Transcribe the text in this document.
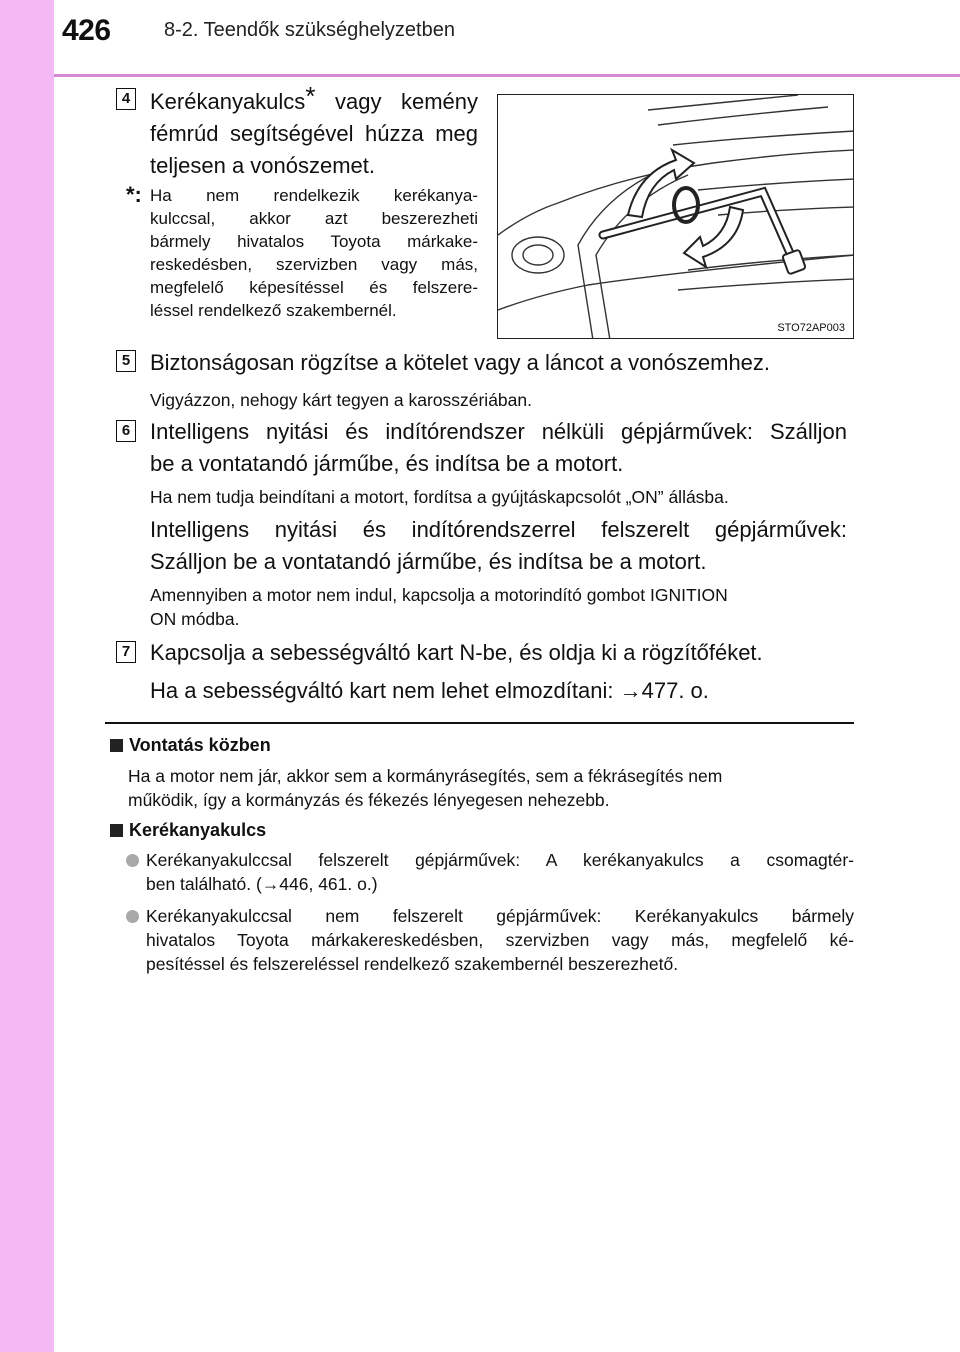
426	8-2. Teendők szükséghelyzetben
4 Kerékanyakulcs* vagy kemény
fémrúd segítségével húzza meg
teljesen a vonószemet.
*: Ha nem rendelkezik kerékanya-
kulccsal, akkor azt beszerezheti
bármely hivatalos Toyota márkake-
reskedésben, szervizben vagy más,
megfelelő képesítéssel és felszere-
léssel rendelkező szakembernél.
STO72AP003
5 Biztonságosan rögzítse a kötelet vagy a láncot a vonószemhez.
Vigyázzon, nehogy kárt tegyen a karosszériában.
6 Intelligens nyitási és indítórendszer nélküli gépjárművek: Szálljon
be a vontatandó járműbe, és indítsa be a motort.
Ha nem tudja beindítani a motort, fordítsa a gyújtáskapcsolót „ON” állásba.
Intelligens nyitási és indítórendszerrel felszerelt gépjárművek:
Szálljon be a vontatandó járműbe, és indítsa be a motort.
Amennyiben a motor nem indul, kapcsolja a motorindító gombot IGNITION
ON módba.
7 Kapcsolja a sebességváltó kart N-be, és oldja ki a rögzítőféket.
Ha a sebességváltó kart nem lehet elmozdítani: →477. o.
Vontatás közben
Ha a motor nem jár, akkor sem a kormányrásegítés, sem a fékrásegítés nem
működik, így a kormányzás és fékezés lényegesen nehezebb.
Kerékanyakulcs
Kerékanyakulccsal felszerelt gépjárművek: A kerékanyakulcs a csomagtér-
ben található. (→446, 461. o.)
Kerékanyakulccsal nem felszerelt gépjárművek: Kerékanyakulcs bármely
hivatalos Toyota márkakereskedésben, szervizben vagy más, megfelelő ké-
pesítéssel és felszereléssel rendelkező szakembernél beszerezhető.
